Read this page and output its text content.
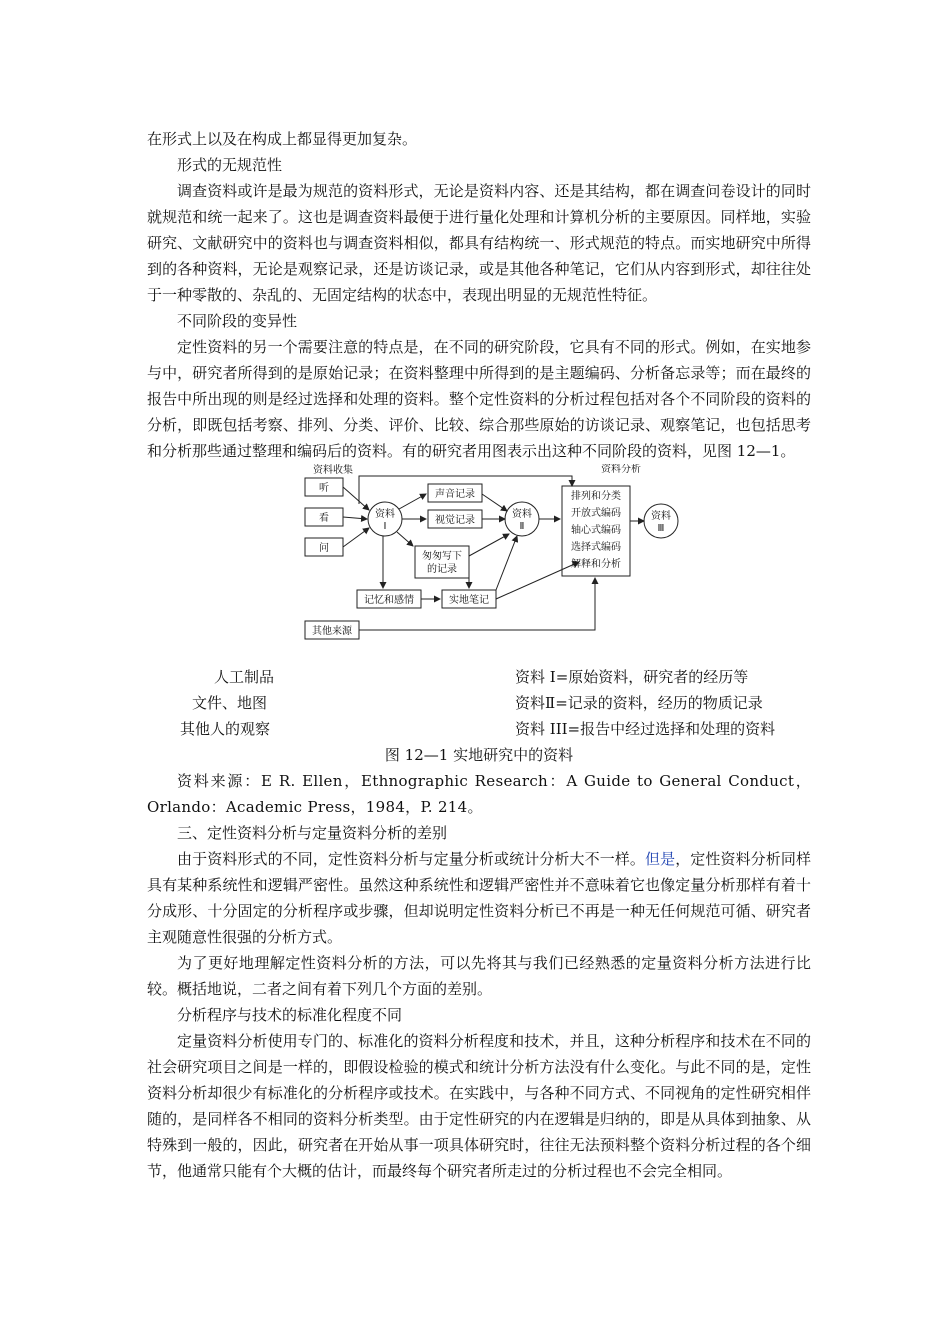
在形式上以及在构成上都显得更加复杂。

形式的无规范性

调查资料或许是最为规范的资料形式，无论是资料内容、还是其结构，都在调查问卷设计的同时就规范和统一起来了。这也是调查资料最便于进行量化处理和计算机分析的主要原因。同样地，实验研究、文献研究中的资料也与调查资料相似，都具有结构统一、形式规范的特点。而实地研究中所得到的各种资料，无论是观察记录，还是访谈记录，或是其他各种笔记，它们从内容到形式，却往往处于一种零散的、杂乱的、无固定结构的状态中，表现出明显的无规范性特征。

不同阶段的变异性

定性资料的另一个需要注意的特点是，在不同的研究阶段，它具有不同的形式。例如，在实地参与中，研究者所得到的是原始记录；在资料整理中所得到的是主题编码、分析备忘录等；而在最终的报告中所出现的则是经过选择和处理的资料。整个定性资料的分析过程包括对各个不同阶段的资料的分析，即既包括考察、排列、分类、评价、比较、综合那些原始的访谈记录、观察笔记，也包括思考和分析那些通过整理和编码后的资料。有的研究者用图表示出这种不同阶段的资料，见图 12—1。

资料收集	资料分析
听
看
问
资料
Ⅰ
声音记录
视觉记录
匆匆写下
的记录
资料
Ⅱ
记忆和感情	实地笔记
其他来源
排列和分类
开放式编码
轴心式编码
选择式编码
解释和分析
资料
Ⅲ
人工制品
文件、地图
其他人的观察
资料 I=原始资料，研究者的经历等
资料Ⅱ=记录的资料，经历的物质记录
资料 III=报告中经过选择和处理的资料
图 12—1 实地研究中的资料

资料来源：E R. Ellen，Ethnographic Research：A Guide to General Conduct，Orlando：Academic Press，1984，P. 214。

三、定性资料分析与定量资料分析的差别

由于资料形式的不同，定性资料分析与定量分析或统计分析大不一样。但是，定性资料分析同样具有某种系统性和逻辑严密性。虽然这种系统性和逻辑严密性并不意味着它也像定量分析那样有着十分成形、十分固定的分析程序或步骤，但却说明定性资料分析已不再是一种无任何规范可循、研究者主观随意性很强的分析方式。

为了更好地理解定性资料分析的方法，可以先将其与我们已经熟悉的定量资料分析方法进行比较。概括地说，二者之间有着下列几个方面的差别。

分析程序与技术的标准化程度不同

定量资料分析使用专门的、标准化的资料分析程度和技术，并且，这种分析程序和技术在不同的社会研究项目之间是一样的，即假设检验的模式和统计分析方法没有什么变化。与此不同的是，定性资料分析却很少有标准化的分析程序或技术。在实践中，与各种不同方式、不同视角的定性研究相伴随的，是同样各不相同的资料分析类型。由于定性研究的内在逻辑是归纳的，即是从具体到抽象、从特殊到一般的，因此，研究者在开始从事一项具体研究时，往往无法预料整个资料分析过程的各个细节，他通常只能有个大概的估计，而最终每个研究者所走过的分析过程也不会完全相同。
